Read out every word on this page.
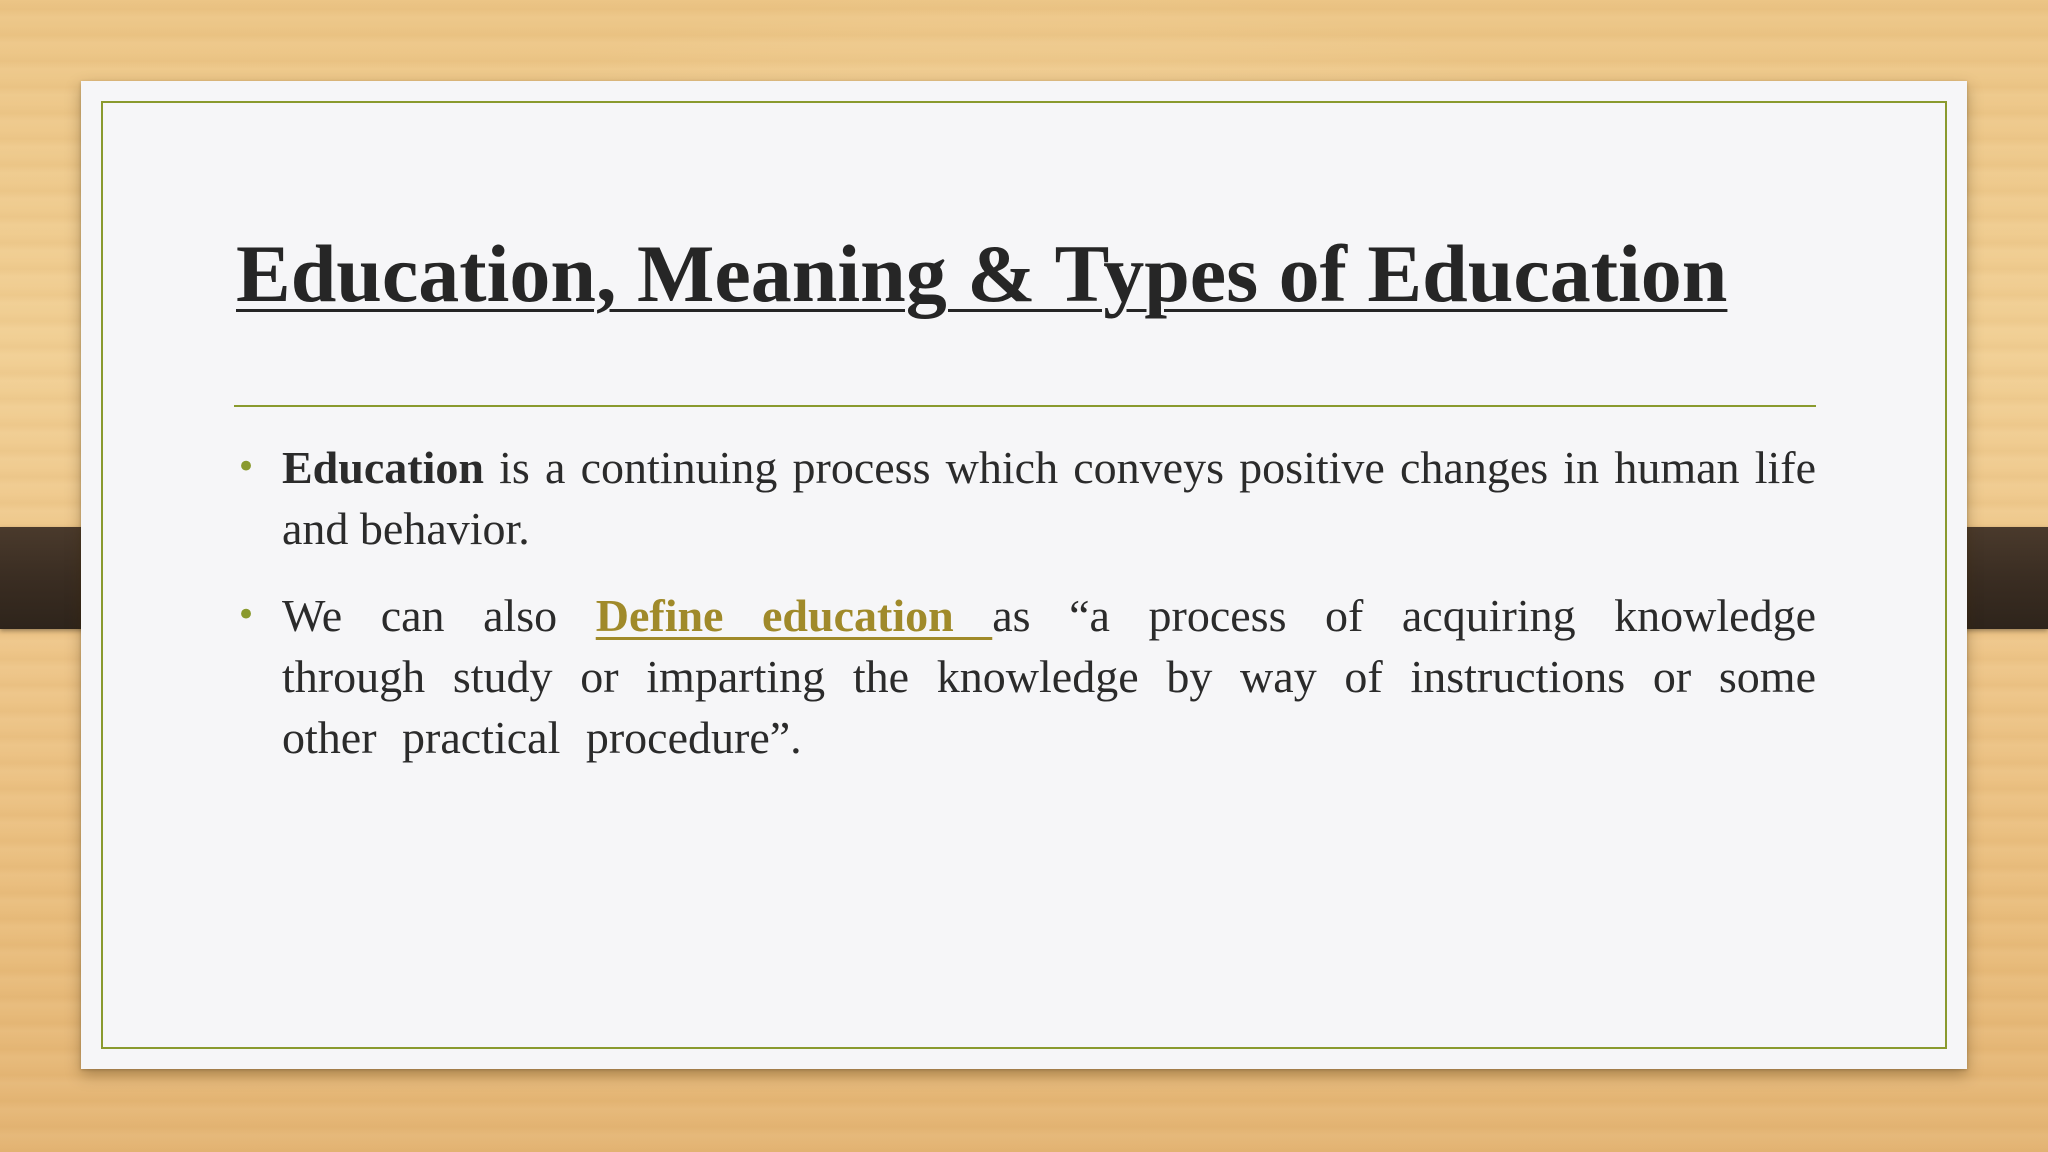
Education, Meaning & Types of Education
• Education is a continuing process which conveys positive changes in human life and behavior.
• We can also Define education as “a process of acquiring knowledge through study or imparting the knowledge by way of instructions or some other practical procedure”.
